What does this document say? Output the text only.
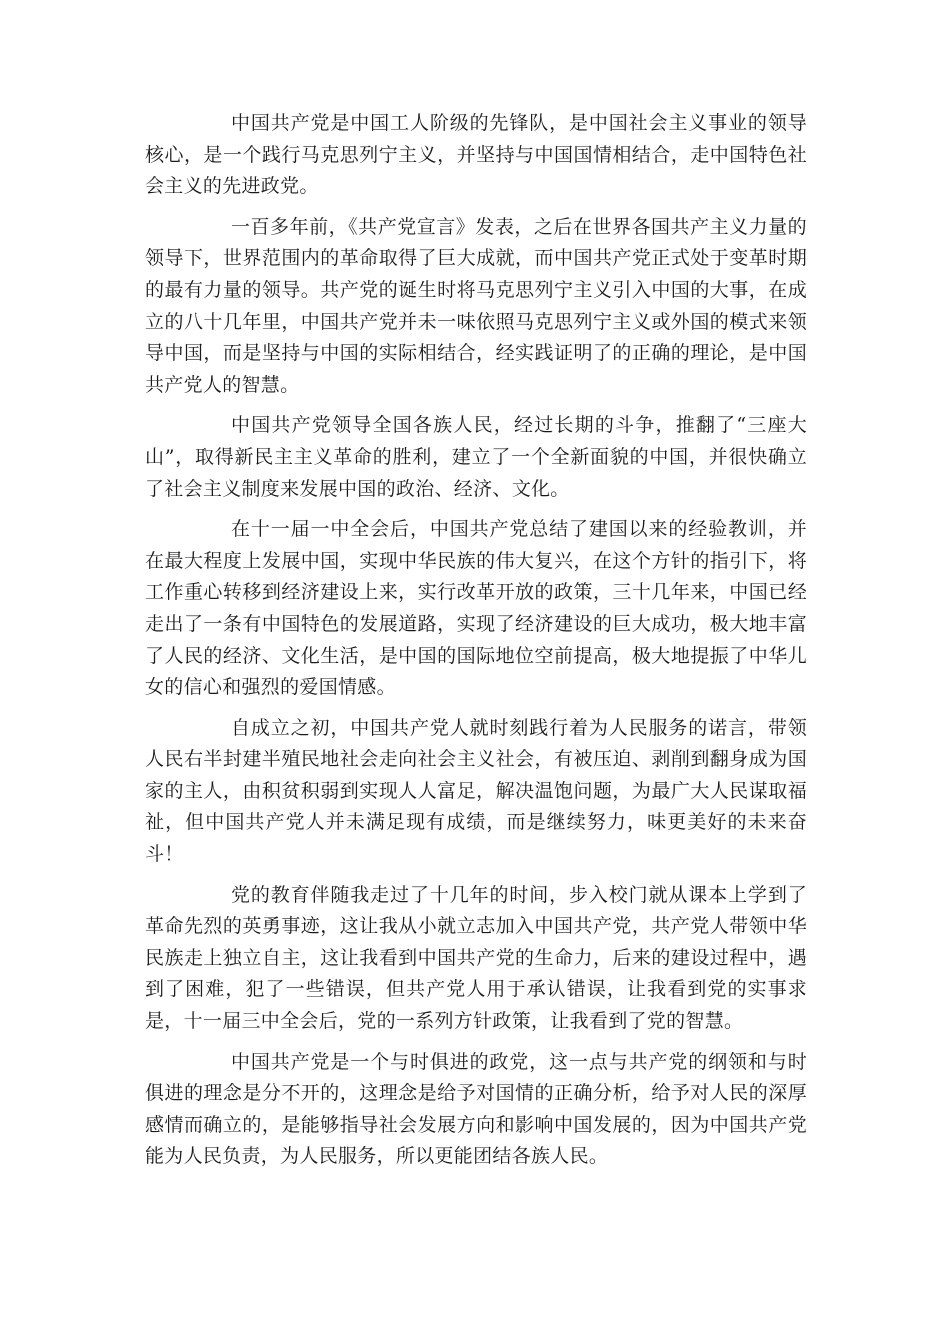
中国共产党是中国工人阶级的先锋队，是中国社会主义事业的领导核心，是一个践行马克思列宁主义，并坚持与中国国情相结合，走中国特色社会主义的先进政党。

一百多年前，《共产党宣言》发表，之后在世界各国共产主义力量的领导下，世界范围内的革命取得了巨大成就，而中国共产党正式处于变革时期的最有力量的领导。共产党的诞生时将马克思列宁主义引入中国的大事，在成立的八十几年里，中国共产党并未一味依照马克思列宁主义或外国的模式来领导中国，而是坚持与中国的实际相结合，经实践证明了的正确的理论，是中国共产党人的智慧。

中国共产党领导全国各族人民，经过长期的斗争，推翻了“三座大山”，取得新民主主义革命的胜利，建立了一个全新面貌的中国，并很快确立了社会主义制度来发展中国的政治、经济、文化。

在十一届一中全会后，中国共产党总结了建国以来的经验教训，并在最大程度上发展中国，实现中华民族的伟大复兴，在这个方针的指引下，将工作重心转移到经济建设上来，实行改革开放的政策，三十几年来，中国已经走出了一条有中国特色的发展道路，实现了经济建设的巨大成功，极大地丰富了人民的经济、文化生活，是中国的国际地位空前提高，极大地提振了中华儿女的信心和强烈的爱国情感。

自成立之初，中国共产党人就时刻践行着为人民服务的诺言，带领人民右半封建半殖民地社会走向社会主义社会，有被压迫、剥削到翻身成为国家的主人，由积贫积弱到实现人人富足，解决温饱问题，为最广大人民谋取福祉，但中国共产党人并未满足现有成绩，而是继续努力，味更美好的未来奋斗！

党的教育伴随我走过了十几年的时间，步入校门就从课本上学到了革命先烈的英勇事迹，这让我从小就立志加入中国共产党，共产党人带领中华民族走上独立自主，这让我看到中国共产党的生命力，后来的建设过程中，遇到了困难，犯了一些错误，但共产党人用于承认错误，让我看到党的实事求是，十一届三中全会后，党的一系列方针政策，让我看到了党的智慧。

中国共产党是一个与时俱进的政党，这一点与共产党的纲领和与时俱进的理念是分不开的，这理念是给予对国情的正确分析，给予对人民的深厚感情而确立的，是能够指导社会发展方向和影响中国发展的，因为中国共产党能为人民负责，为人民服务，所以更能团结各族人民。
